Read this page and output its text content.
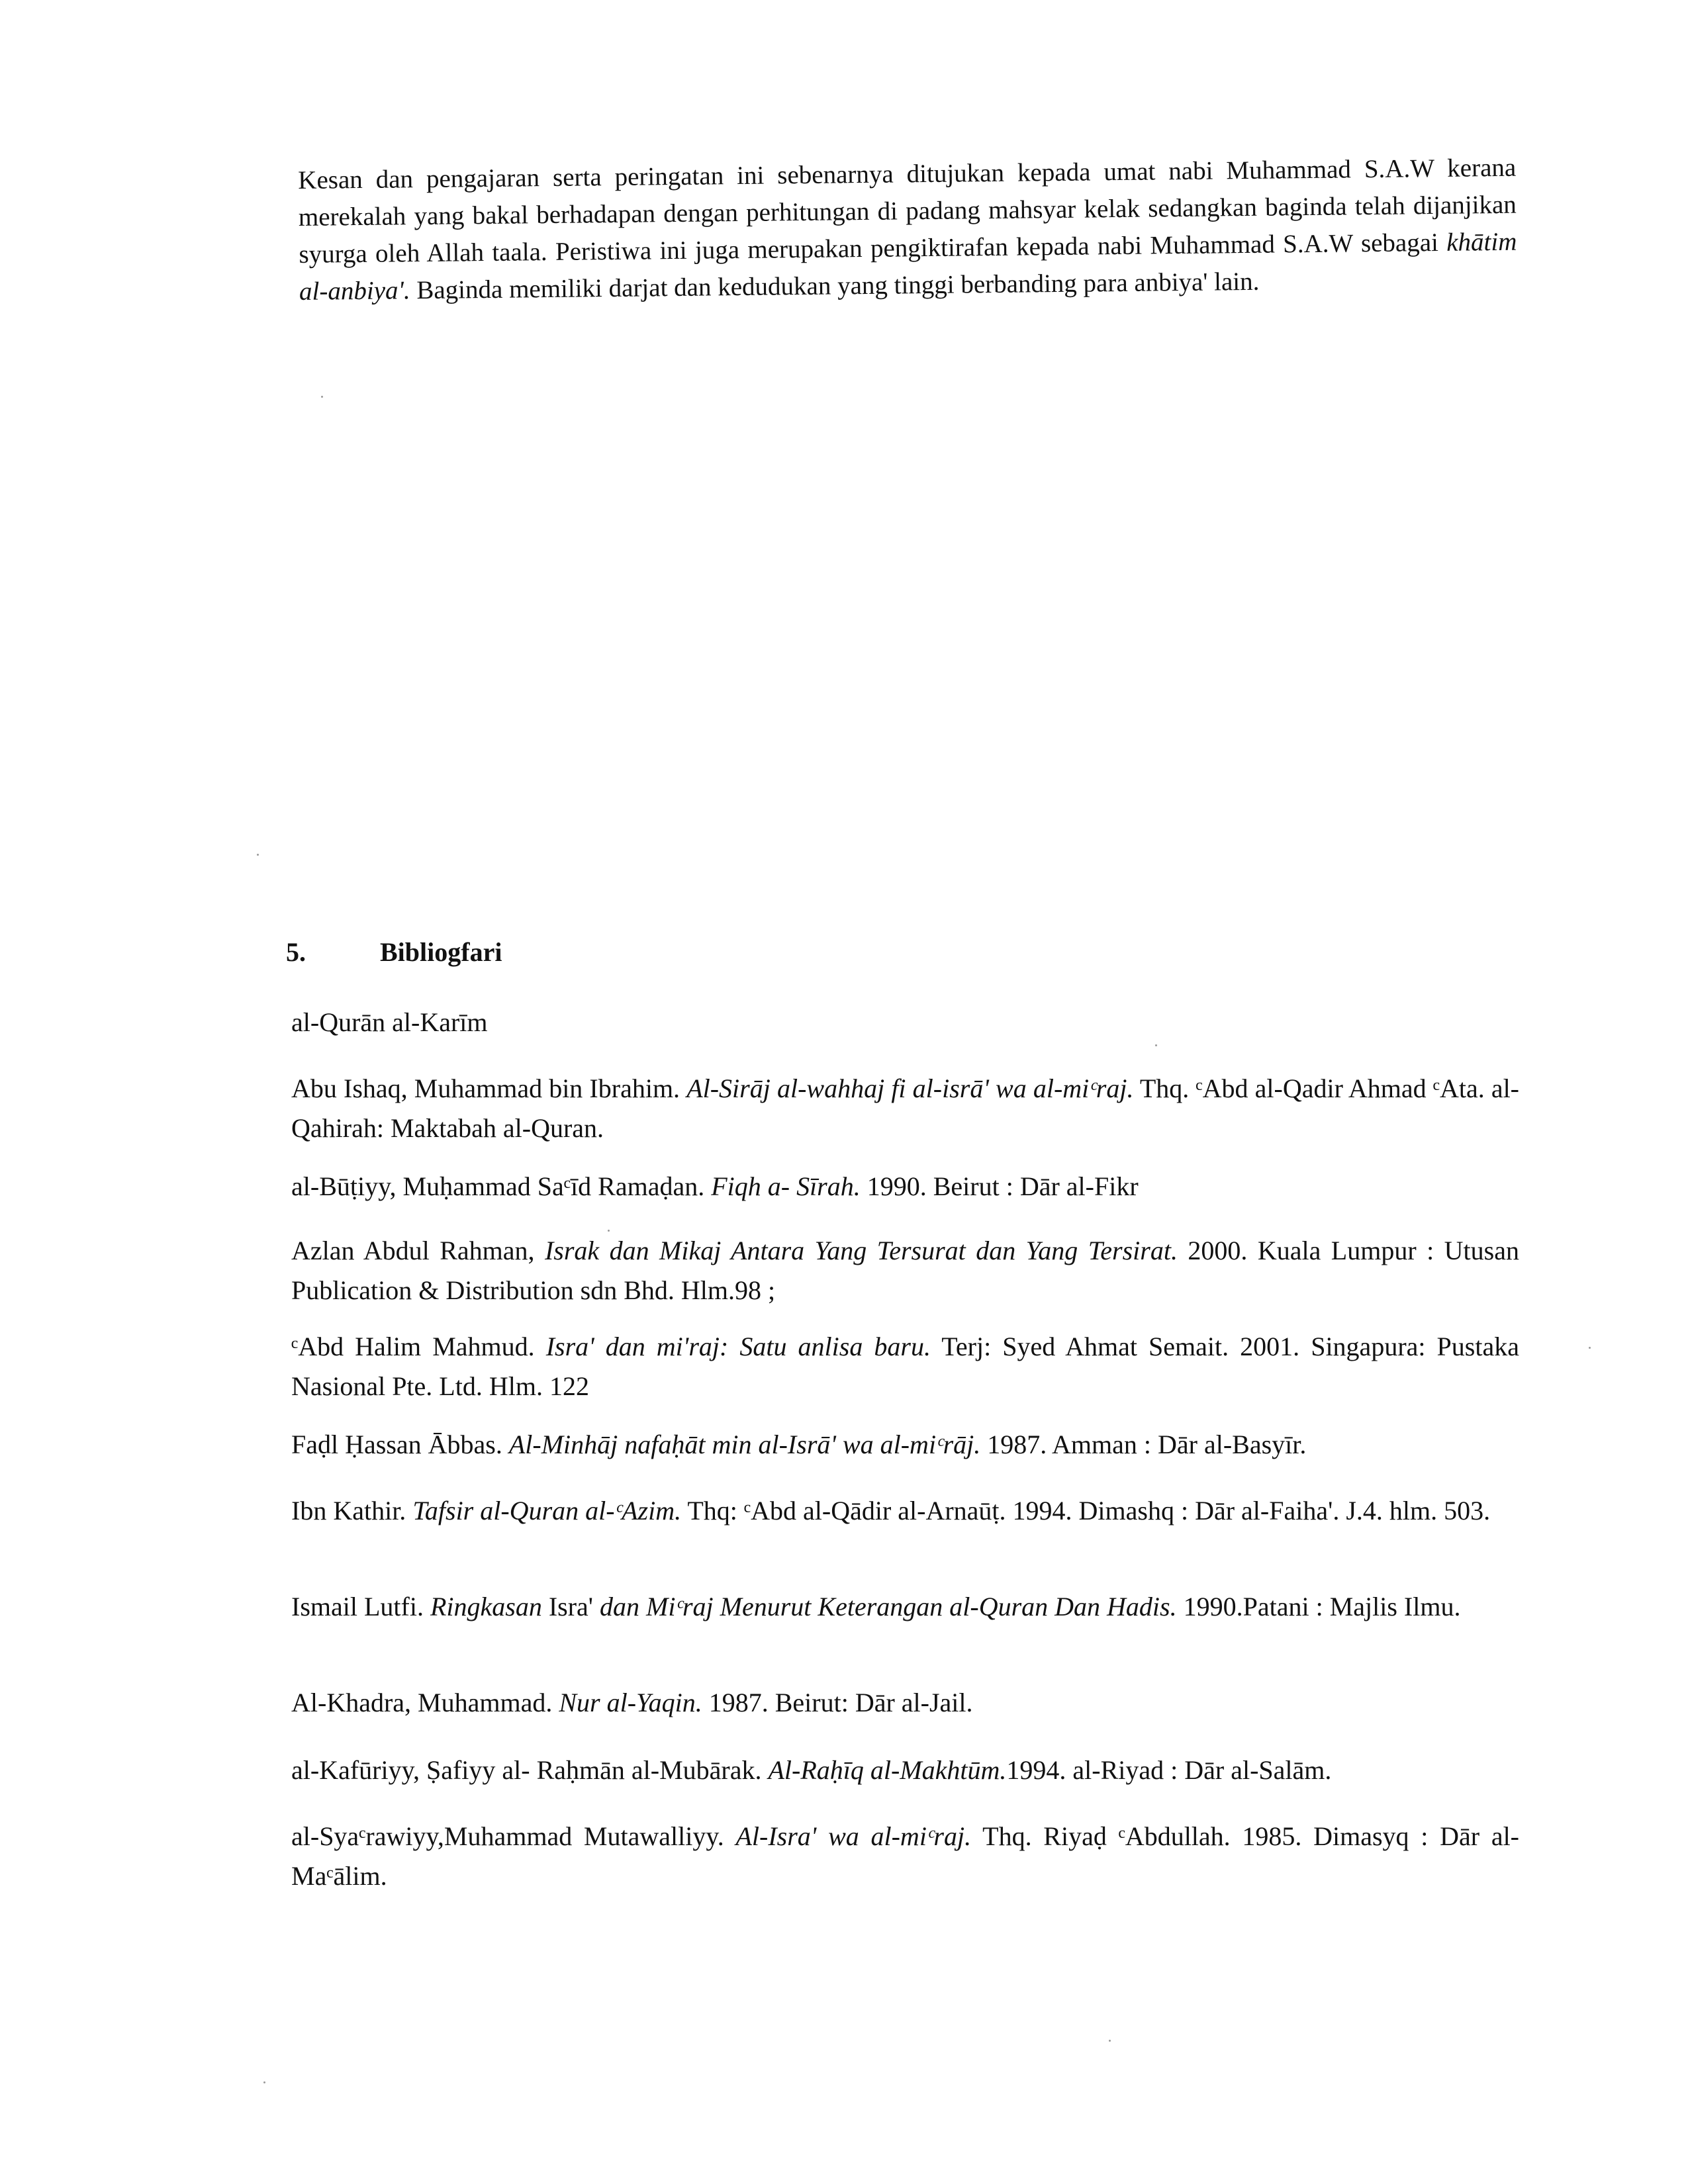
Kesan dan pengajaran serta peringatan ini sebenarnya ditujukan kepada umat nabi Muhammad S.A.W kerana merekalah yang bakal berhadapan dengan perhitungan di padang mahsyar kelak sedangkan baginda telah dijanjikan syurga oleh Allah taala. Peristiwa ini juga merupakan pengiktirafan kepada nabi Muhammad S.A.W sebagai khātim al-anbiya'. Baginda memiliki darjat dan kedudukan yang tinggi berbanding para anbiya' lain.

5.	Bibliogfari

al-Qurān al-Karīm

Abu Ishaq, Muhammad bin Ibrahim. Al-Sirāj al-wahhaj fi al-isrā' wa al-miᶜraj. Thq. ᶜAbd al-Qadir Ahmad ᶜAta. al-Qahirah: Maktabah al-Quran.

al-Būṭiyy, Muḥammad Saᶜīd Ramaḍan. Fiqh a- Sīrah. 1990. Beirut : Dār al-Fikr

Azlan Abdul Rahman, Israk dan Mikaj Antara Yang Tersurat dan Yang Tersirat. 2000. Kuala Lumpur : Utusan Publication & Distribution sdn Bhd. Hlm.98 ;

ᶜAbd Halim Mahmud. Isra' dan mi'raj: Satu anlisa baru. Terj: Syed Ahmat Semait. 2001. Singapura: Pustaka Nasional Pte. Ltd. Hlm. 122

Faḍl Ḥassan Ābbas. Al-Minhāj nafaḥāt min al-Isrā' wa al-miᶜrāj. 1987. Amman : Dār al-Basyīr.

Ibn Kathir. Tafsir al-Quran al-ᶜAzim. Thq: ᶜAbd al-Qādir al-Arnaūṭ. 1994. Dimashq : Dār al-Faiha'. J.4. hlm. 503.

Ismail Lutfi. Ringkasan Isra' dan Miᶜraj Menurut Keterangan al-Quran Dan Hadis. 1990.Patani : Majlis Ilmu.

Al-Khadra, Muhammad. Nur al-Yaqin. 1987. Beirut: Dār al-Jail.

al-Kafūriyy, Ṣafiyy al- Raḥmān al-Mubārak. Al-Raḥīq al-Makhtūm.1994. al-Riyad : Dār al-Salām.

al-Syaᶜrawiyy,Muhammad Mutawalliyy. Al-Isra' wa al-miᶜraj. Thq. Riyaḍ ᶜAbdullah. 1985. Dimasyq : Dār al-Maᶜālim.
